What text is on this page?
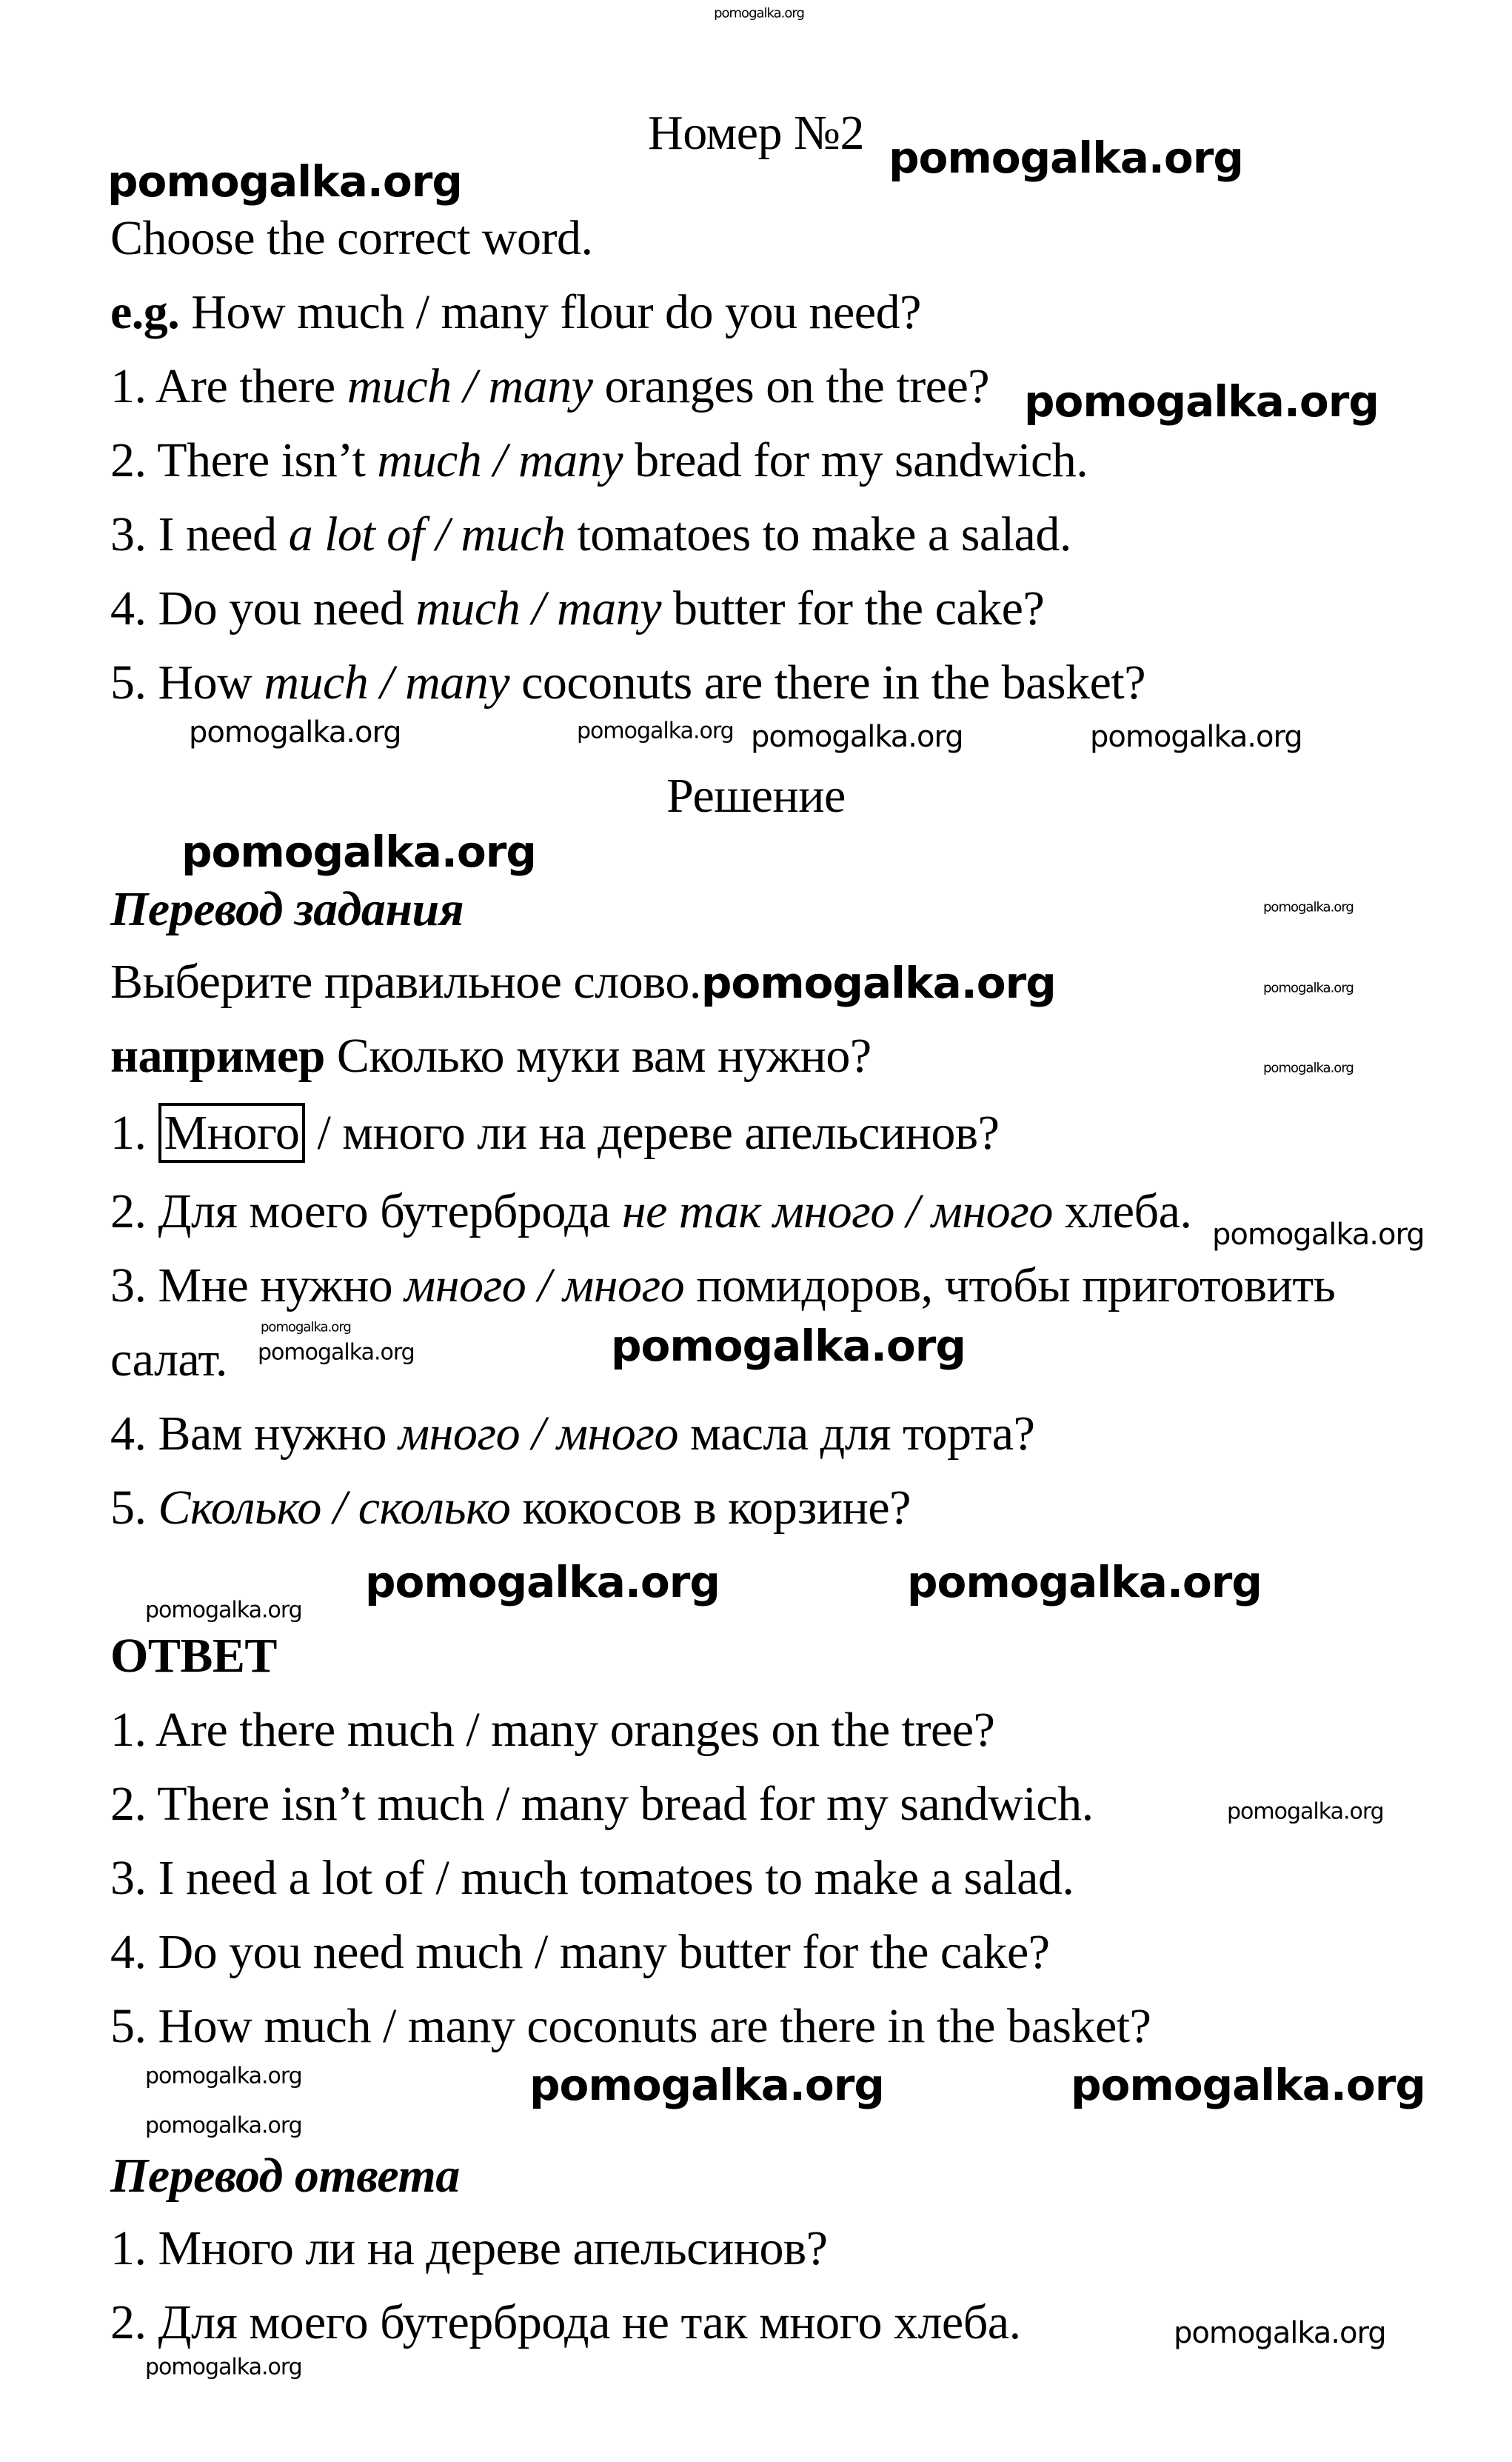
Номер №2
Choose the correct word.
e.g. How much / many flour do you need?
1. Are there much / many oranges on the tree?
2. There isn’t much / many bread for my sandwich.
3. I need a lot of / much tomatoes to make a salad.
4. Do you need much / many butter for the cake?
5. How much / many coconuts are there in the basket?
Решение
Перевод задания
Выберите правильное слово.pomogalka.org
например Сколько муки вам нужно?
1. Много / много ли на дереве апельсинов?
2. Для моего бутерброда не так много / много хлеба.
3. Мне нужно много / много помидоров, чтобы приготовить
салат.
4. Вам нужно много / много масла для торта?
5. Сколько / сколько кокосов в корзине?
ОТВЕТ
1. Are there much / many oranges on the tree?
2. There isn’t much / many bread for my sandwich.
3. I need a lot of / much tomatoes to make a salad.
4. Do you need much / many butter for the cake?
5. How much / many coconuts are there in the basket?
Перевод ответа
1. Много ли на дереве апельсинов?
2. Для моего бутерброда не так много хлеба.
pomogalka.org
pomogalka.org
pomogalka.org
pomogalka.org
pomogalka.org
pomogalka.org	pomogalka.org	pomogalka.org
pomogalka.org
pomogalka.org
pomogalka.org
pomogalka.org
pomogalka.org	pomogalka.org
pomogalka.org
pomogalka.org
pomogalka.org	pomogalka.org
pomogalka.org
pomogalka.org
pomogalka.org	pomogalka.org	pomogalka.org
pomogalka.org
pomogalka.org
pomogalka.org
